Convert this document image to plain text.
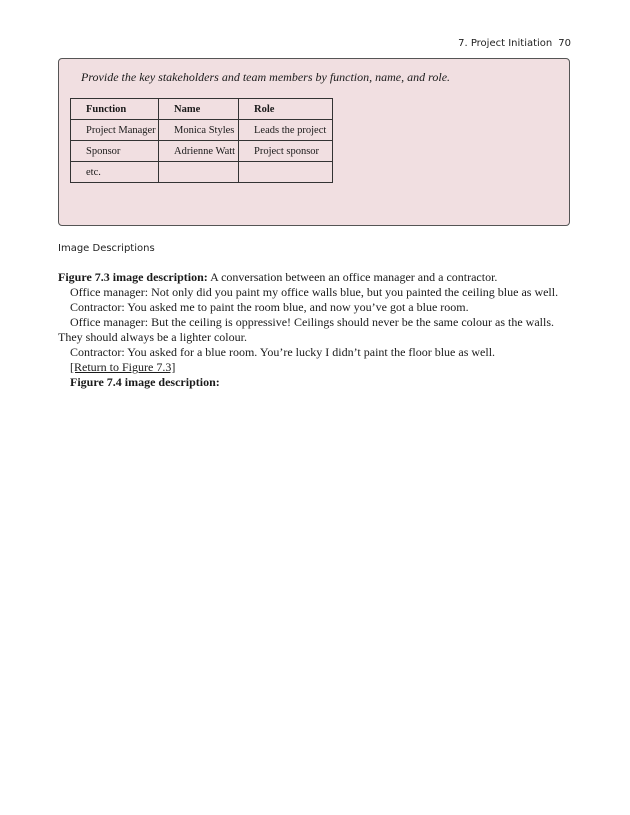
7. Project Initiation 70
Provide the key stakeholders and team members by function, name, and role.
Function	Name	Role
Project Manager	Monica Styles	Leads the project
Sponsor	Adrienne Watt	Project sponsor
etc.		
Image Descriptions

Figure 7.3 image description: A conversation between an office manager and a contractor.

Office manager: Not only did you paint my office walls blue, but you painted the ceiling blue as well.

Contractor: You asked me to paint the room blue, and now you’ve got a blue room.

Office manager: But the ceiling is oppressive! Ceilings should never be the same colour as the walls. They should always be a lighter colour.

Contractor: You asked for a blue room. You’re lucky I didn’t paint the floor blue as well.

[Return to Figure 7.3]

Figure 7.4 image description:
